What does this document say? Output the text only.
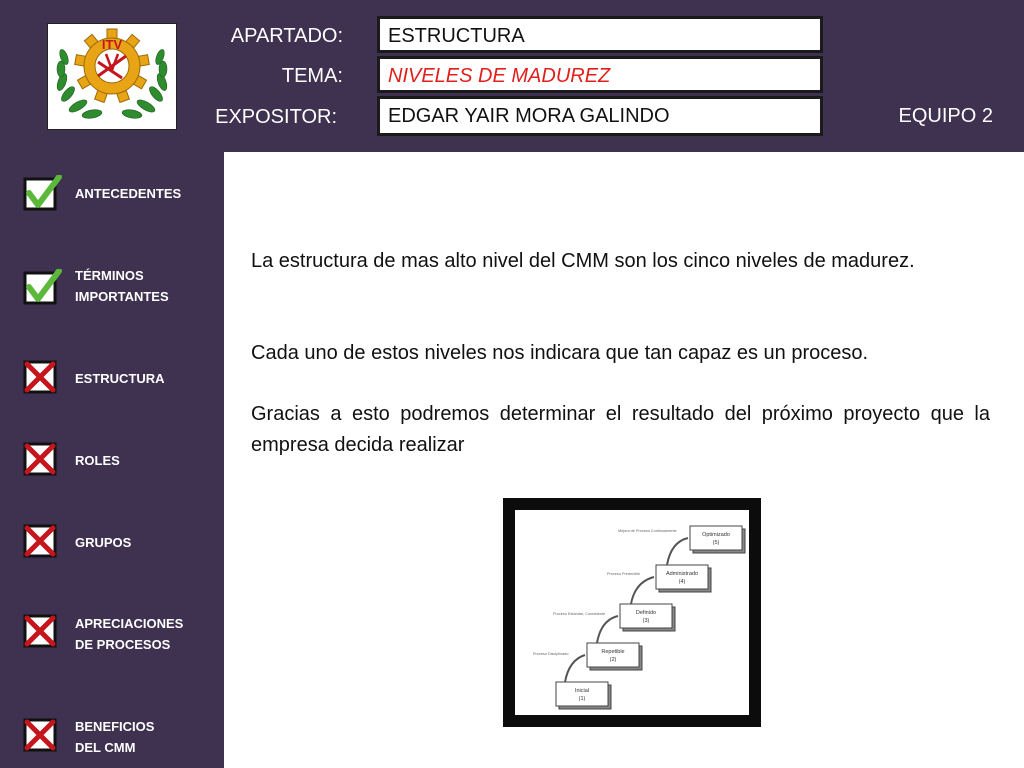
ITV	APARTADO:
TEMA:
EXPOSITOR:
ESTRUCTURA
NIVELES DE MADUREZ
EDGAR YAIR MORA GALINDO	EQUIPO 2
ANTECEDENTES
TÉRMINOS
IMPORTANTES
ESTRUCTURA
ROLES
GRUPOS
APRECIACIONES
DE PROCESOS
BENEFICIOS
DEL CMM
La estructura de mas alto nivel del CMM son los cinco niveles de madurez.
Cada uno de estos niveles nos indicara que tan capaz es un proceso.
Gracias a esto podremos determinar el resultado del próximo proyecto que la empresa decida realizar
Optimizado
(5)
Administrado
(4)
Definido
(3)
Repetible
(2)
Inicial
(1)
Mejora de Proceso Continuamente
Proceso Predecible
Proceso Estándar, Consistente
Proceso Disciplinado
